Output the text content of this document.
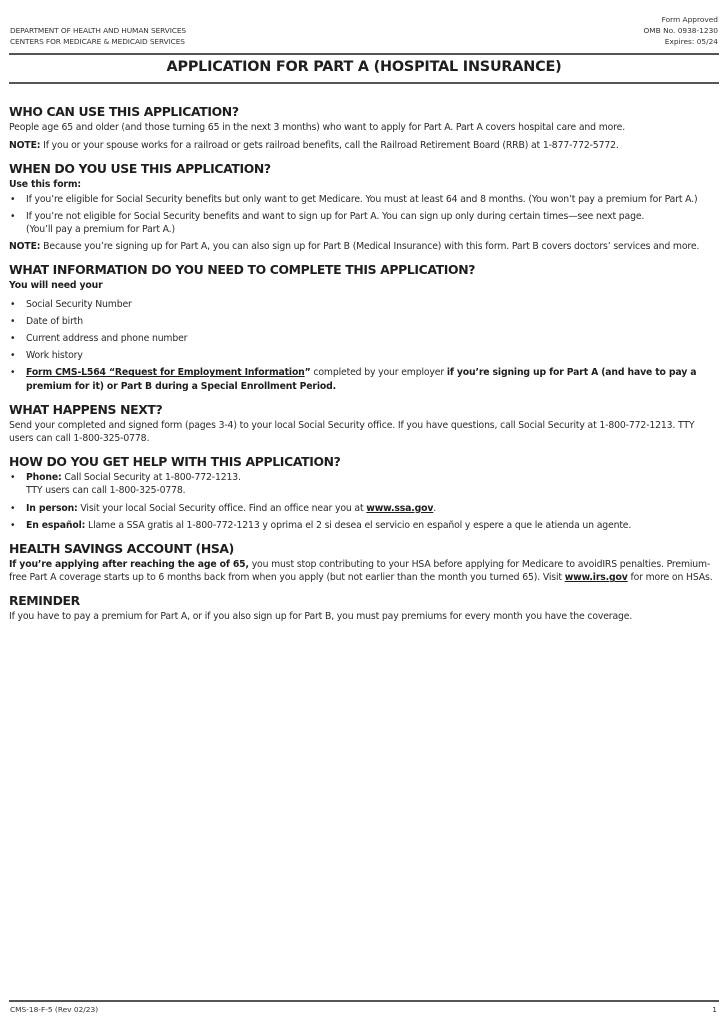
DEPARTMENT OF HEALTH AND HUMAN SERVICES
CENTERS FOR MEDICARE & MEDICAID SERVICES
Form Approved
OMB No. 0938-1230
Expires: 05/24
APPLICATION FOR PART A (HOSPITAL INSURANCE)
WHO CAN USE THIS APPLICATION?

People age 65 and older (and those turning 65 in the next 3 months) who want to apply for Part A. Part A covers hospital care and more.

NOTE: If you or your spouse works for a railroad or gets railroad benefits, call the Railroad Retirement Board (RRB) at 1-877-772-5772.

WHEN DO YOU USE THIS APPLICATION?
Use this form:
• If you’re eligible for Social Security benefits but only want to get Medicare. You must at least 64 and 8 months. (You won’t pay a premium for Part A.)
• If you’re not eligible for Social Security benefits and want to sign up for Part A. You can sign up only during certain times—see next page.
(You’ll pay a premium for Part A.)

NOTE: Because you’re signing up for Part A, you can also sign up for Part B (Medical Insurance) with this form. Part B covers doctors’ services and more.

WHAT INFORMATION DO YOU NEED TO COMPLETE THIS APPLICATION?
You will need your
• Social Security Number
• Date of birth
• Current address and phone number
• Work history
• Form CMS-L564 “Request for Employment Information” completed by your employer if you’re signing up for Part A (and have to pay a premium for it) or Part B during a Special Enrollment Period.
WHAT HAPPENS NEXT?

Send your completed and signed form (pages 3-4) to your local Social Security office. If you have questions, call Social Security at 1-800-772-1213. TTY users can call 1-800-325-0778.

HOW DO YOU GET HELP WITH THIS APPLICATION?
• Phone: Call Social Security at 1-800-772-1213.
TTY users can call 1-800-325-0778.
• In person: Visit your local Social Security office. Find an office near you at www.ssa.gov.
• En español: Llame a SSA gratis al 1-800-772-1213 y oprima el 2 si desea el servicio en español y espere a que le atienda un agente.
HEALTH SAVINGS ACCOUNT (HSA)

If you’re applying after reaching the age of 65, you must stop contributing to your HSA before applying for Medicare to avoidIRS penalties. Premium-free Part A coverage starts up to 6 months back from when you apply (but not earlier than the month you turned 65). Visit www.irs.gov for more on HSAs.

REMINDER

If you have to pay a premium for Part A, or if you also sign up for Part B, you must pay premiums for every month you have the coverage.

CMS-18-F-5 (Rev 02/23)	1
